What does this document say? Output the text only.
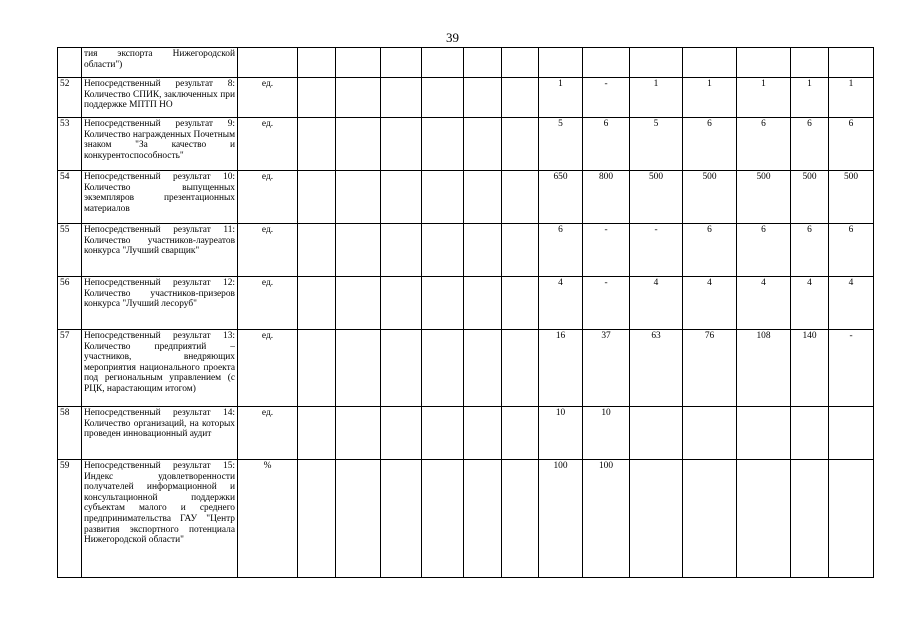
39
	тия экспорта Нижегородской области")														
52	Непосредственный результат 8: Количество СПИК, заключенных при поддержке МПТП НО	ед.							1	-	1	1	1	1	1
53	Непосредственный результат 9: Количество награжденных Почетным знаком "За качество и конкурентоспособность"	ед.							5	6	5	6	6	6	6
54	Непосредственный результат 10: Количество выпущенных экземпляров презентационных материалов	ед.							650	800	500	500	500	500	500
55	Непосредственный результат 11: Количество участников-лауреатов конкурса "Лучший сварщик"	ед.							6	-	-	6	6	6	6
56	Непосредственный результат 12: Количество участников-призеров конкурса "Лучший лесоруб"	ед.							4	-	4	4	4	4	4
57	Непосредственный результат 13: Количество предприятий – участников, внедряющих мероприятия национального проекта под региональным управлением (с РЦК, нарастающим итогом)	ед.							16	37	63	76	108	140	-
58	Непосредственный результат 14: Количество организаций, на которых проведен инновационный аудит	ед.							10	10					
59	Непосредственный результат 15: Индекс удовлетворенности получателей информационной и консультационной поддержки субъектам малого и среднего предпринимательства ГАУ "Центр развития экспортного потенциала Нижегородской области"	%							100	100					
